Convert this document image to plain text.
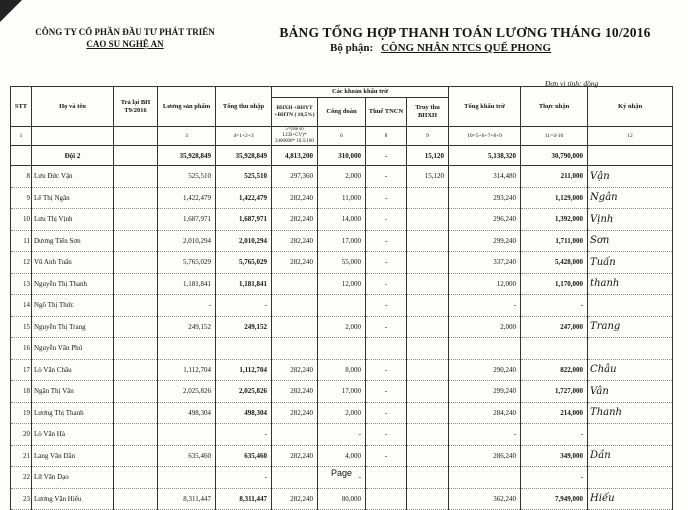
CÔNG TY CỔ PHẦN ĐẦU TƯ PHÁT TRIỂN
CAO SU NGHỆ AN
BẢNG TỔNG HỢP THANH TOÁN LƯƠNG THÁNG 10/2016
Bộ phận: CÔNG NHÂN NTCS QUẾ PHONG
Đơn vị tính: đồng
STT	Họ và tên	Trả lại BH T9/2016	Lương sản phẩm	Tổng thu nhập	Các khoản khấu trừ				Tổng khấu trừ	Thực nhận	Ký nhận
					BHXH +BHYT +BHTN ( 10,5%)	Công đoàn	Thuế TNCN	Truy thu BHXH			
1			3	4=1+2+3	5=(Hệ số LCB+CV)* 2400000* 10.5/100	6	8	9	10=5+6+7+8+9	11=4-10	12
	Đội 2		35,928,849	35,928,849	4,813,200	310,000	-	15,120	5,138,320	30,790,000	
8	Lưu Đức Vận		525,510	525,510	297,360	2,000	-	15,120	314,480	211,000	Vận
9	Lê Thị Ngân		1,422,479	1,422,479	282,240	11,000	-		293,240	1,129,000	Ngân
10	Lưu Thị Vịnh		1,687,971	1,687,971	282,240	14,000	-		296,240	1,392,000	Vịnh
11	Dương Tiến Sơn		2,010,294	2,010,294	282,240	17,000	-		299,240	1,711,000	Sơn
12	Vũ Anh Tuấn		5,765,029	5,765,029	282,240	55,000	-		337,240	5,428,000	Tuấn
13	Nguyễn Thị Thanh		1,181,841	1,181,841		12,000	-		12,000	1,170,000	thanh
14	Ngô Thị Thức		-	-			-		-	-	
15	Nguyễn Thị Trang		249,152	249,152		2,000	-		2,000	247,000	Trang
16	Nguyễn Văn Phú										
17	Lò Văn Châu		1,112,704	1,112,704	282,240	8,000	-		290,240	822,000	Châu
18	Ngân Thị Vân		2,025,826	2,025,826	282,240	17,000	-		299,240	1,727,000	Vân
19	Lương Thị Thanh		498,304	498,304	282,240	2,000	-		284,240	214,000	Thanh
20	Lò Văn Hà			-		-	-		-	-	
21	Lang Văn Dần		635,460	635,460	282,240	4,000	-		286,240	349,000	Dần
22	Lữ Văn Dạo			-		-				-	
23	Lương Văn Hiếu		8,311,447	8,311,447	282,240	80,000			362,240	7,949,000	Hiếu
Page
